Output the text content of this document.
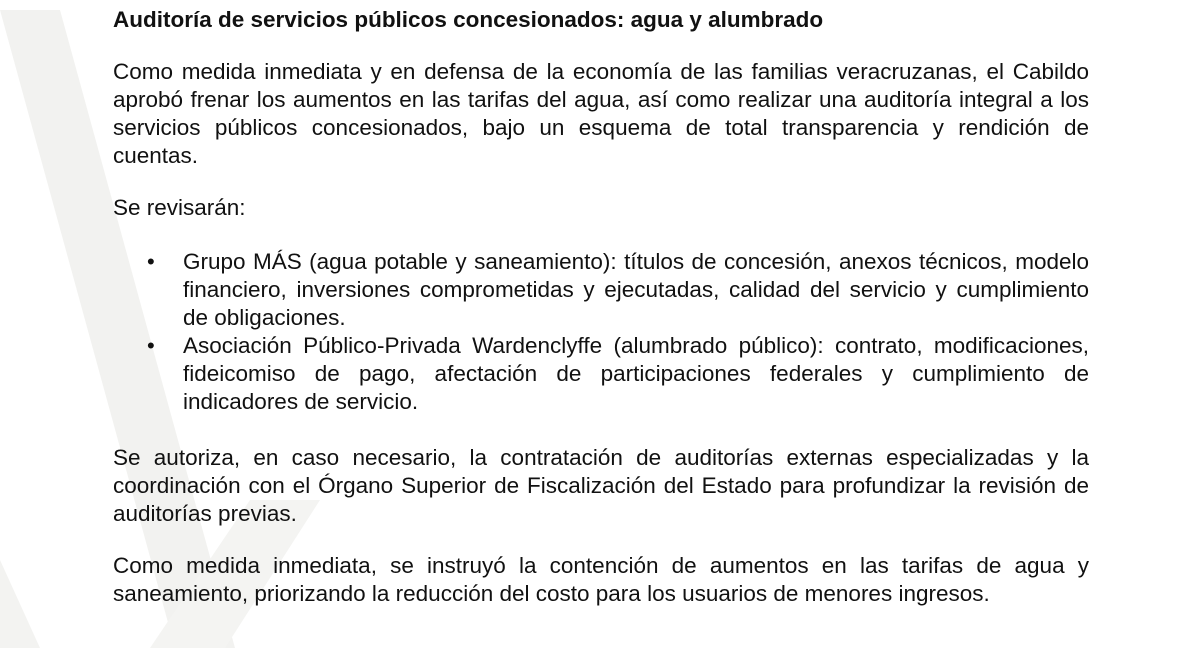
Auditoría de servicios públicos concesionados: agua y alumbrado

Como medida inmediata y en defensa de la economía de las familias veracruzanas, el Cabildo aprobó frenar los aumentos en las tarifas del agua, así como realizar una auditoría integral a los servicios públicos concesionados, bajo un esquema de total transparencia y rendición de cuentas.

Se revisarán:

• Grupo MÁS (agua potable y saneamiento): títulos de concesión, anexos técnicos, modelo financiero, inversiones comprometidas y ejecutadas, calidad del servicio y cumplimiento de obligaciones.
• Asociación Público-Privada Wardenclyffe (alumbrado público): contrato, modificaciones, fideicomiso de pago, afectación de participaciones federales y cumplimiento de indicadores de servicio.

Se autoriza, en caso necesario, la contratación de auditorías externas especializadas y la coordinación con el Órgano Superior de Fiscalización del Estado para profundizar la revisión de auditorías previas.

Como medida inmediata, se instruyó la contención de aumentos en las tarifas de agua y saneamiento, priorizando la reducción del costo para los usuarios de menores ingresos.
